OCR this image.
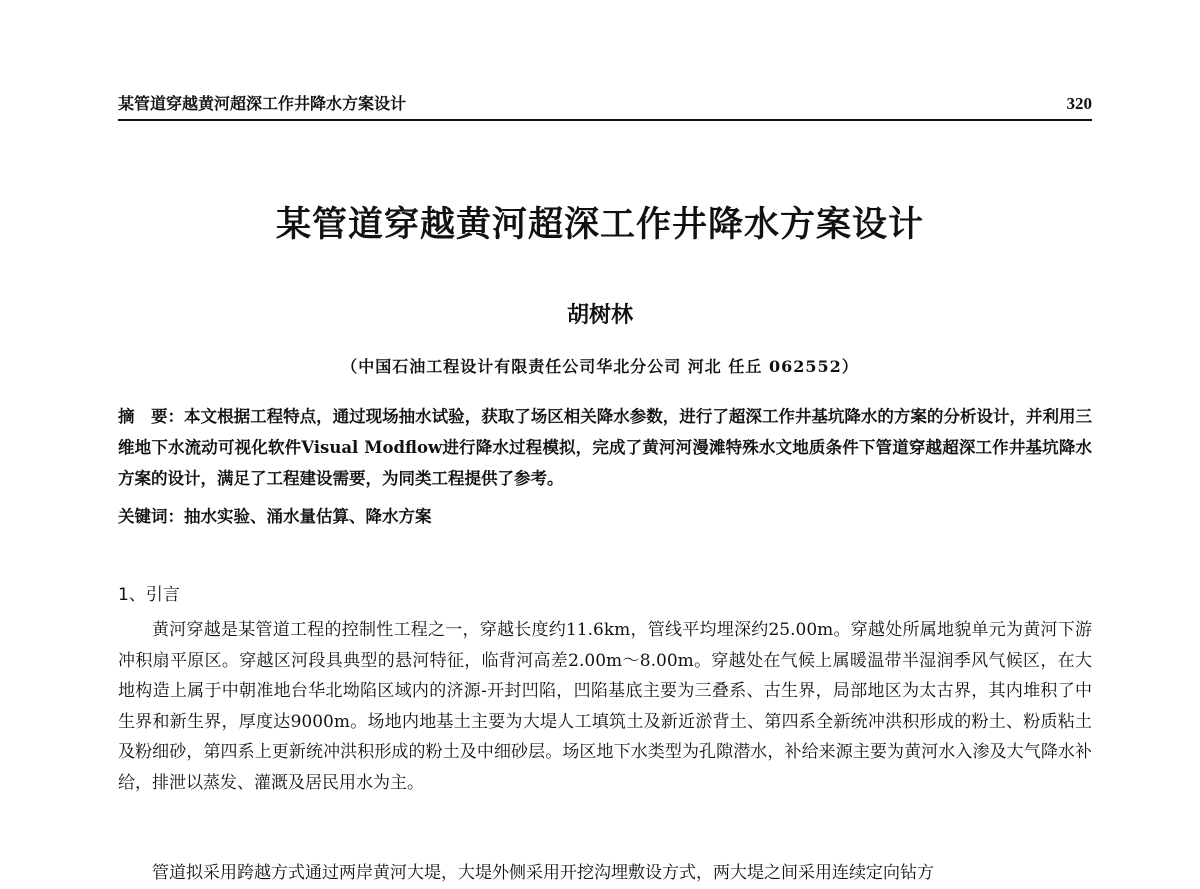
某管道穿越黄河超深工作井降水方案设计	320
某管道穿越黄河超深工作井降水方案设计
胡树林
（中国石油工程设计有限责任公司华北分公司 河北 任丘 062552）
摘　要：本文根据工程特点，通过现场抽水试验，获取了场区相关降水参数，进行了超深工作井基坑降水的方案的分析设计，并利用三维地下水流动可视化软件Visual Modflow进行降水过程模拟，完成了黄河河漫滩特殊水文地质条件下管道穿越超深工作井基坑降水方案的设计，满足了工程建设需要，为同类工程提供了参考。
关键词：抽水实验、涌水量估算、降水方案
1、引言
黄河穿越是某管道工程的控制性工程之一，穿越长度约11.6km，管线平均埋深约25.00m。穿越处所属地貌单元为黄河下游冲积扇平原区。穿越区河段具典型的悬河特征，临背河高差2.00m～8.00m。穿越处在气候上属暖温带半湿润季风气候区，在大地构造上属于中朝准地台华北坳陷区域内的济源-开封凹陷，凹陷基底主要为三叠系、古生界，局部地区为太古界，其内堆积了中生界和新生界，厚度达9000m。场地内地基土主要为大堤人工填筑土及新近淤背土、第四系全新统冲洪积形成的粉土、粉质粘土及粉细砂，第四系上更新统冲洪积形成的粉土及中细砂层。场区地下水类型为孔隙潜水，补给来源主要为黄河水入渗及大气降水补给，排泄以蒸发、灌溉及居民用水为主。
管道拟采用跨越方式通过两岸黄河大堤，大堤外侧采用开挖沟埋敷设方式，两大堤之间采用连续定向钻方
